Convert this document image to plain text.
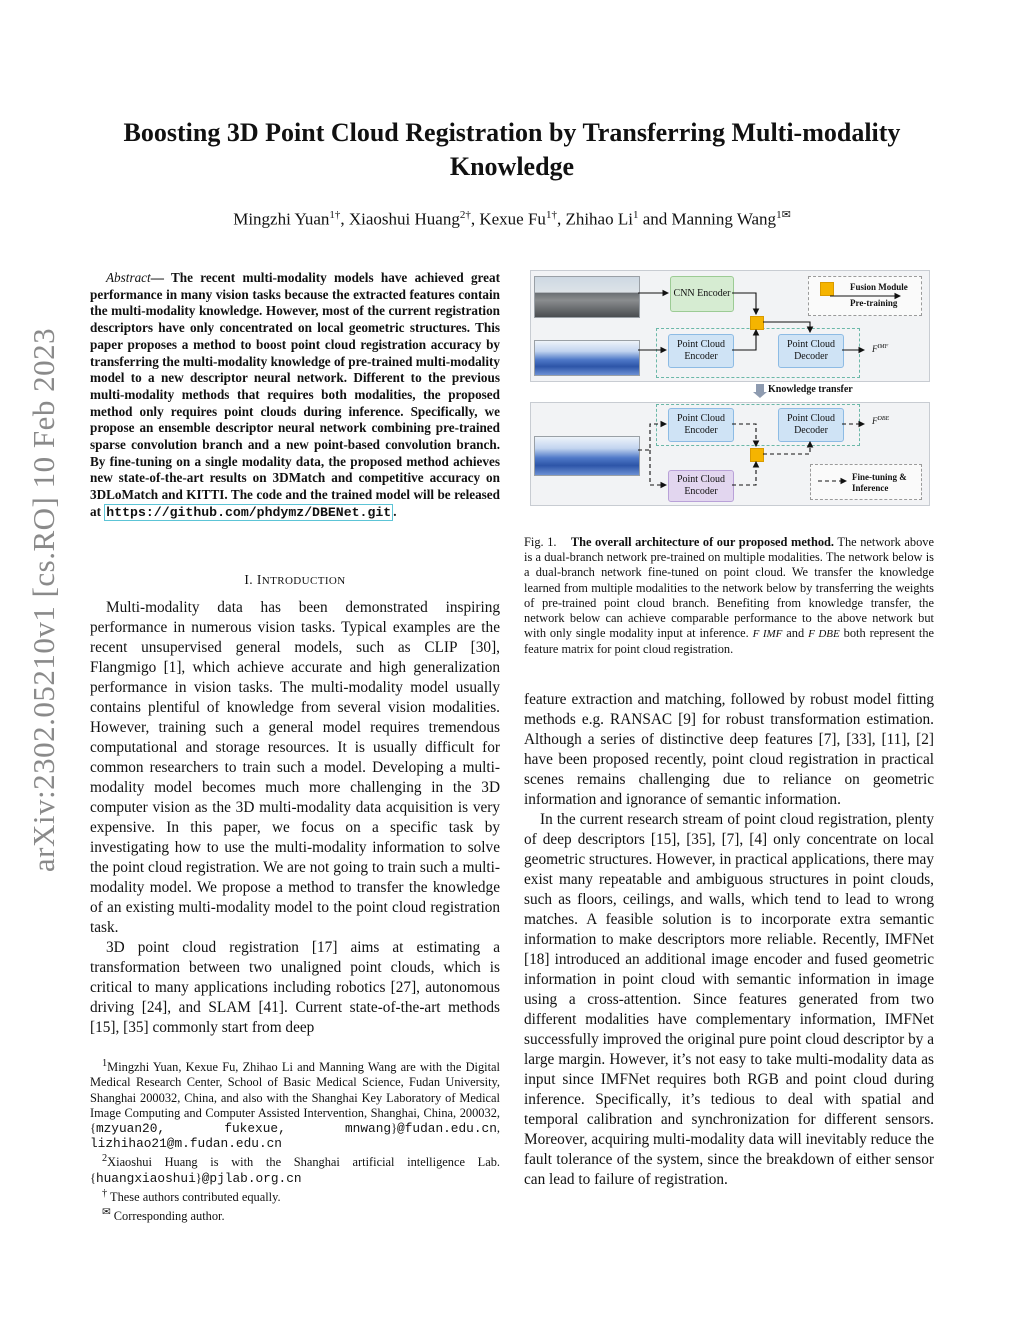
arXiv:2302.05210v1 [cs.RO] 10 Feb 2023
Boosting 3D Point Cloud Registration by Transferring Multi-modality Knowledge
Mingzhi Yuan$^{1\dagger}$, Xiaoshui Huang$^{2\dagger}$, Kexue $Fu^{1\dagger}$, Zhihao Li$^1$ and Manning Wang$^{1✉}$
Abstract— The recent multi-modality models have achieved great performance in many vision tasks because the extracted features contain the multi-modality knowledge. However, most of the current registration descriptors have only concentrated on local geometric structures. This paper proposes a method to boost point cloud registration accuracy by transferring the multi-modality knowledge of pre-trained multi-modality model to a new descriptor neural network. Different to the previous multi-modality methods that requires both modalities, the proposed method only requires point clouds during inference. Specifically, we propose an ensemble descriptor neural network combining pre-trained sparse convolution branch and a new point-based convolution branch. By fine-tuning on a single modality data, the proposed method achieves new state-of-the-art results on 3DMatch and competitive accuracy on 3DLoMatch and KITTI. The code and the trained model will be released at https://github.com/phdymz/DBENet.git .
I. INTRODUCTION

Multi-modality data has been demonstrated inspiring performance in numerous vision tasks. Typical examples are the recent unsupervised general models, such as CLIP [30], Flangmigo [1], which achieve accurate and high generalization performance in vision tasks. The multi-modality model usually contains plentiful of knowledge from several vision modalities. However, training such a general model requires tremendous computational and storage resources. It is usually difficult for common researchers to train such a model. Developing a multi-modality model becomes much more challenging in the 3D computer vision as the 3D multi-modality data acquisition is very expensive. In this paper, we focus on a specific task by investigating how to use the multi-modality information to solve the point cloud registration. We are not going to train such a multi-modality model. We propose a method to transfer the knowledge of an existing multi-modality model to the point cloud registration task.

3D point cloud registration [17] aims at estimating a transformation between two unaligned point clouds, which is critical to many applications including robotics [27], autonomous driving [24], and SLAM [41]. Current state-of-the-art methods [15], [35] commonly start from deep

$^1$Mingzhi Yuan, Kexue Fu, Zhihao Li and Manning Wang are with the Digital Medical Research Center, School of Basic Medical Science, Fudan University, Shanghai 200032, China, and also with the Shanghai Key Laboratory of Medical Image Computing and Computer Assisted Intervention, Shanghai, China, 200032, {mzyuan20, fukexue, mnwang}@fudan.edu.cn, lizhihao21@m.fudan.edu.cn

$^2$Xiaoshui Huang is with the Shanghai artificial intelligence Lab. {huangxiaoshui}@pjlab.org.cn

† These authors contributed equally.

✉ Corresponding author.

CNN Encoder
Point Cloud Encoder
Point Cloud Decoder
Point Cloud Encoder
Point Cloud Decoder
Point Cloud Encoder
Fusion Module
Pre-training
Fine-tuning & Inference
$F^{IMF}$
$F^{DBE}$
Knowledge transfer
Fig. 1. The overall architecture of our proposed method. The network above is a dual-branch network pre-trained on multiple modalities. The network below is a dual-branch network fine-tuned on point cloud. We transfer the knowledge learned from multiple modalities to the network below by transferring the weights of pre-trained point cloud branch. Benefiting from knowledge transfer, the network below can achieve comparable performance to the above network but with only single modality input at inference. F IMF and F DBE both represent the feature matrix for point cloud registration.

feature extraction and matching, followed by robust model fitting methods e.g. RANSAC [9] for robust transformation estimation. Although a series of distinctive deep features [7], [33], [11], [2] have been proposed recently, point cloud registration in practical scenes remains challenging due to reliance on geometric information and ignorance of semantic information.

In the current research stream of point cloud registration, plenty of deep descriptors [15], [35], [7], [4] only concentrate on local geometric structures. However, in practical applications, there may exist many repeatable and ambiguous structures in point clouds, such as floors, ceilings, and walls, which tend to lead to wrong matches. A feasible solution is to incorporate extra semantic information to make descriptors more reliable. Recently, IMFNet [18] introduced an additional image encoder and fused geometric information in point cloud with semantic information in image using a cross-attention. Since features generated from two different modalities have complementary information, IMFNet successfully improved the original pure point cloud descriptor by a large margin. However, it’s not easy to take multi-modality data as input since IMFNet requires both RGB and point cloud during inference. Specifically, it’s tedious to deal with spatial and temporal calibration and synchronization for different sensors. Moreover, acquiring multi-modality data will inevitably reduce the fault tolerance of the system, since the breakdown of either sensor can lead to failure of registration.
